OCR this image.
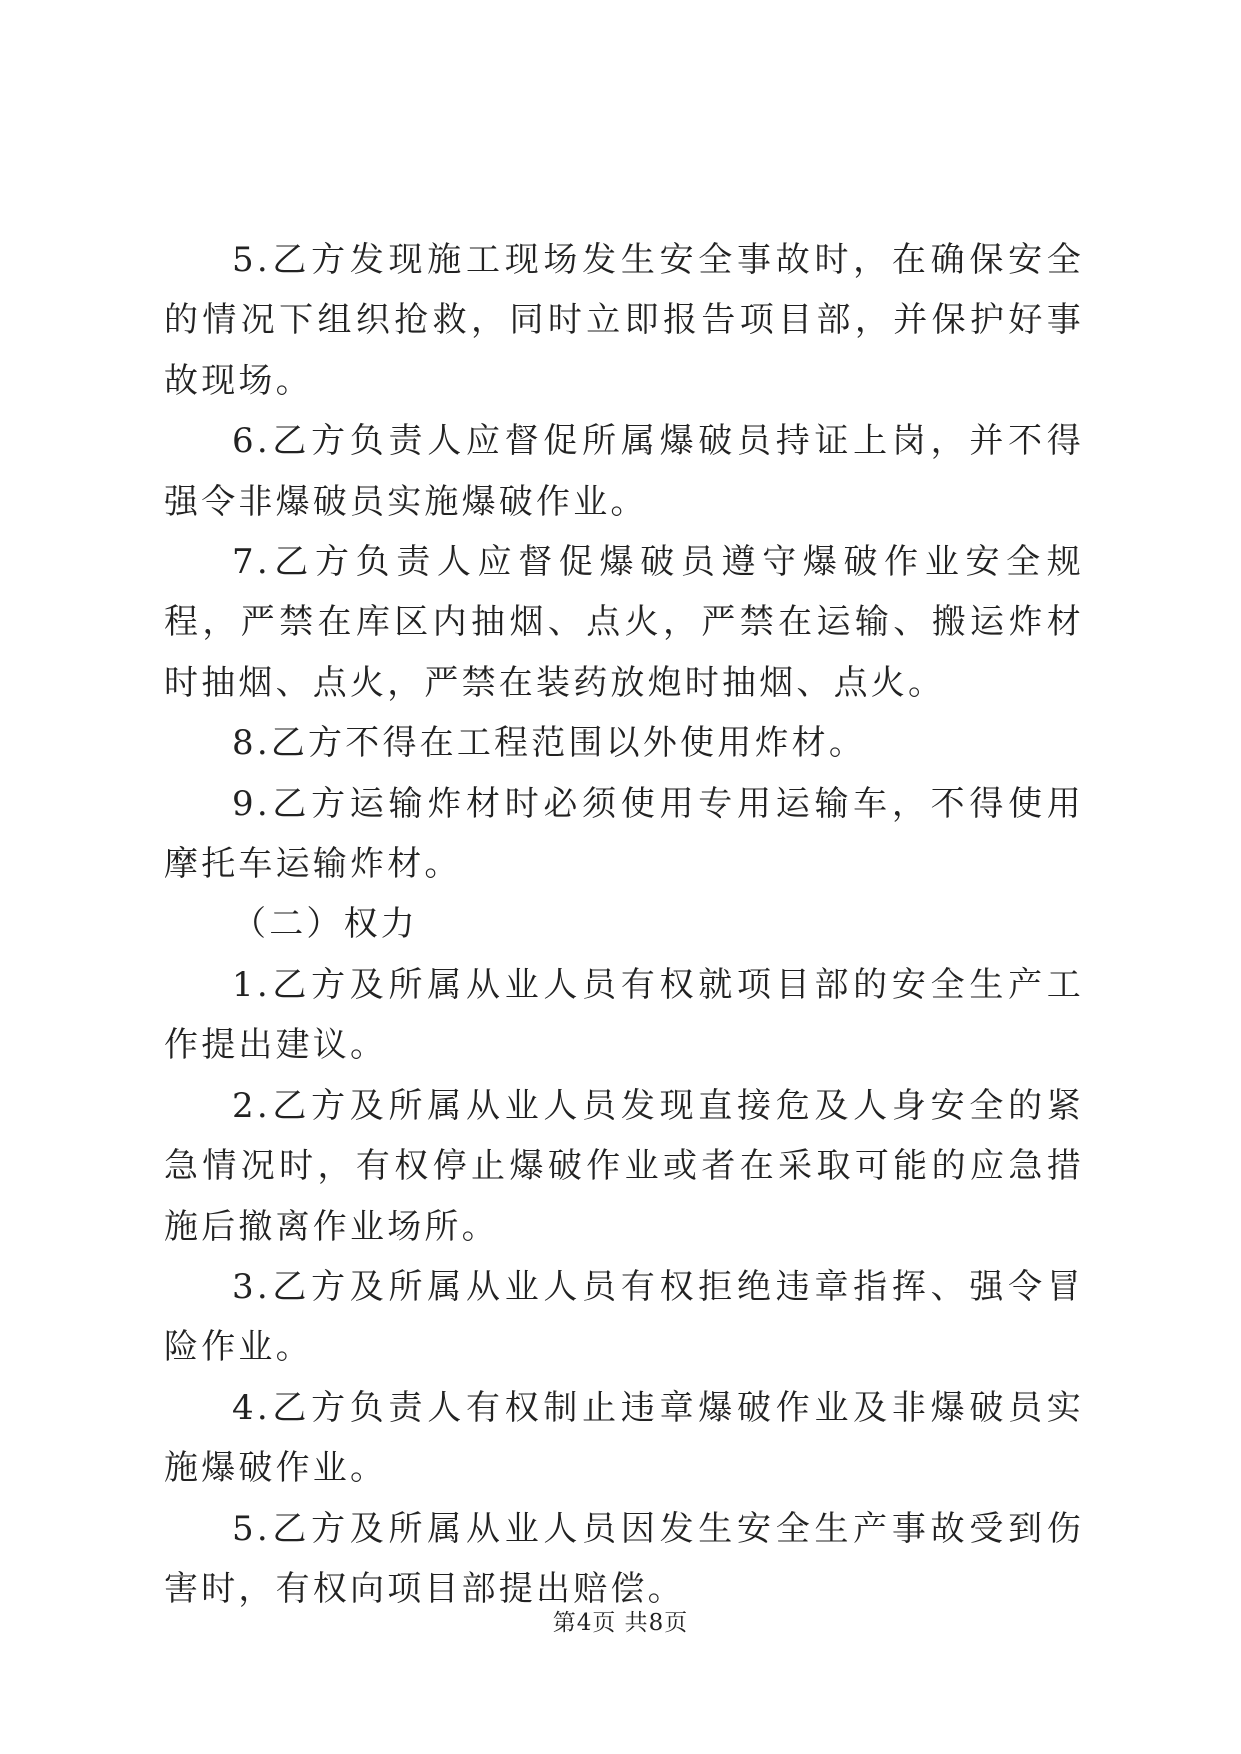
5.乙方发现施工现场发生安全事故时，在确保安全的情况下组织抢救，同时立即报告项目部，并保护好事故现场。

6.乙方负责人应督促所属爆破员持证上岗，并不得强令非爆破员实施爆破作业。

7.乙方负责人应督促爆破员遵守爆破作业安全规程，严禁在库区内抽烟、点火，严禁在运输、搬运炸材时抽烟、点火，严禁在装药放炮时抽烟、点火。

8.乙方不得在工程范围以外使用炸材。

9.乙方运输炸材时必须使用专用运输车，不得使用摩托车运输炸材。

（二）权力

1.乙方及所属从业人员有权就项目部的安全生产工作提出建议。

2.乙方及所属从业人员发现直接危及人身安全的紧急情况时，有权停止爆破作业或者在采取可能的应急措施后撤离作业场所。

3.乙方及所属从业人员有权拒绝违章指挥、强令冒险作业。

4.乙方负责人有权制止违章爆破作业及非爆破员实施爆破作业。

5.乙方及所属从业人员因发生安全生产事故受到伤害时，有权向项目部提出赔偿。

第4页 共8页
